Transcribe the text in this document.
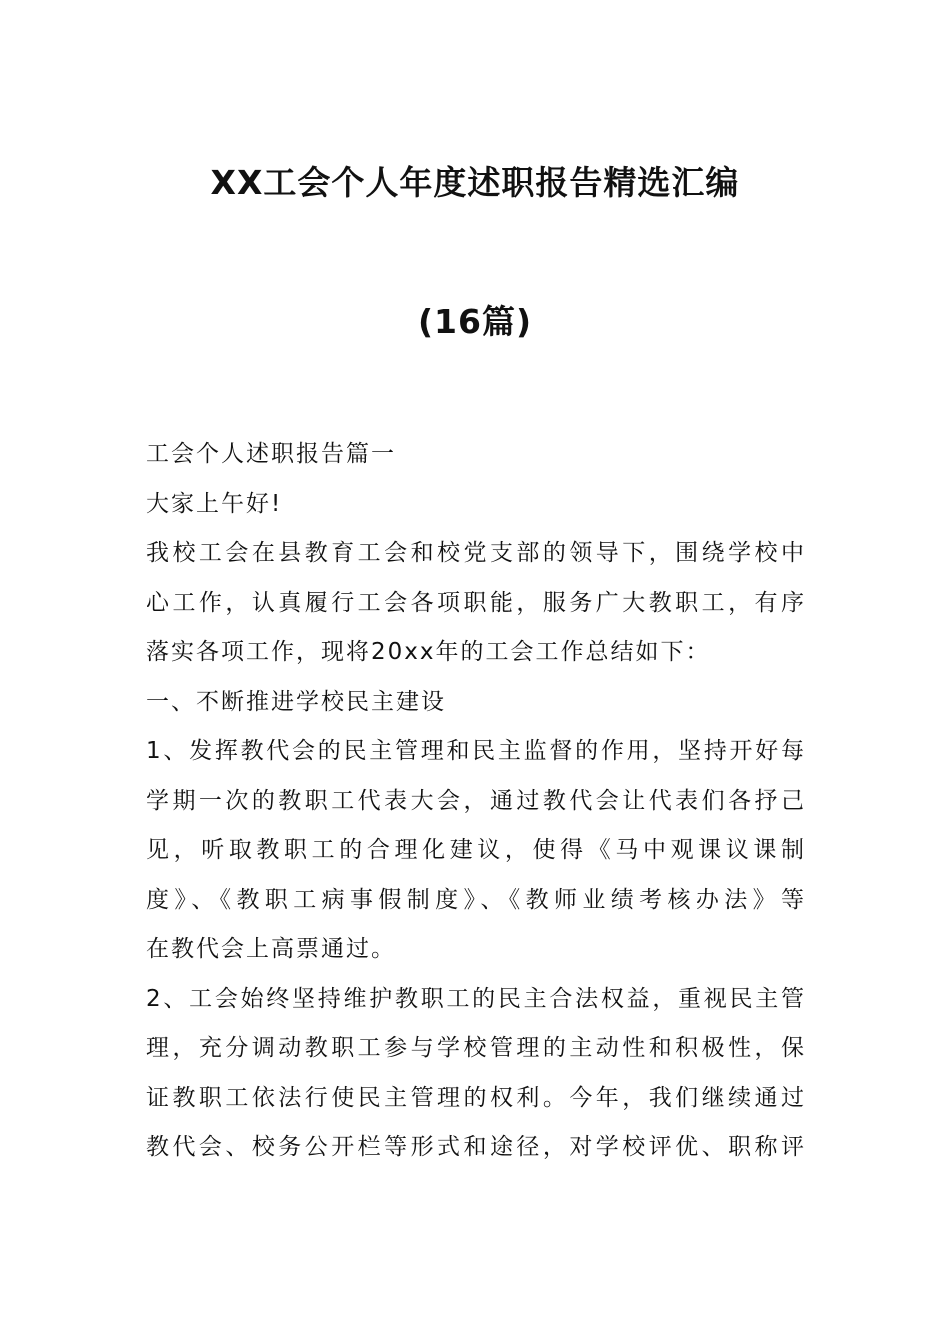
XX工会个人年度述职报告精选汇编
(16篇)
工会个人述职报告篇一
大家上午好!
我校工会在县教育工会和校党支部的领导下，围绕学校中
心工作，认真履行工会各项职能，服务广大教职工，有序
落实各项工作，现将20xx年的工会工作总结如下：
一、不断推进学校民主建设
1、发挥教代会的民主管理和民主监督的作用，坚持开好每
学期一次的教职工代表大会，通过教代会让代表们各抒己
见，听取教职工的合理化建议，使得《马中观课议课制
度》、《教职工病事假制度》、《教师业绩考核办法》等
在教代会上高票通过。
2、工会始终坚持维护教职工的民主合法权益，重视民主管
理，充分调动教职工参与学校管理的主动性和积极性，保
证教职工依法行使民主管理的权利。今年，我们继续通过
教代会、校务公开栏等形式和途径，对学校评优、职称评
